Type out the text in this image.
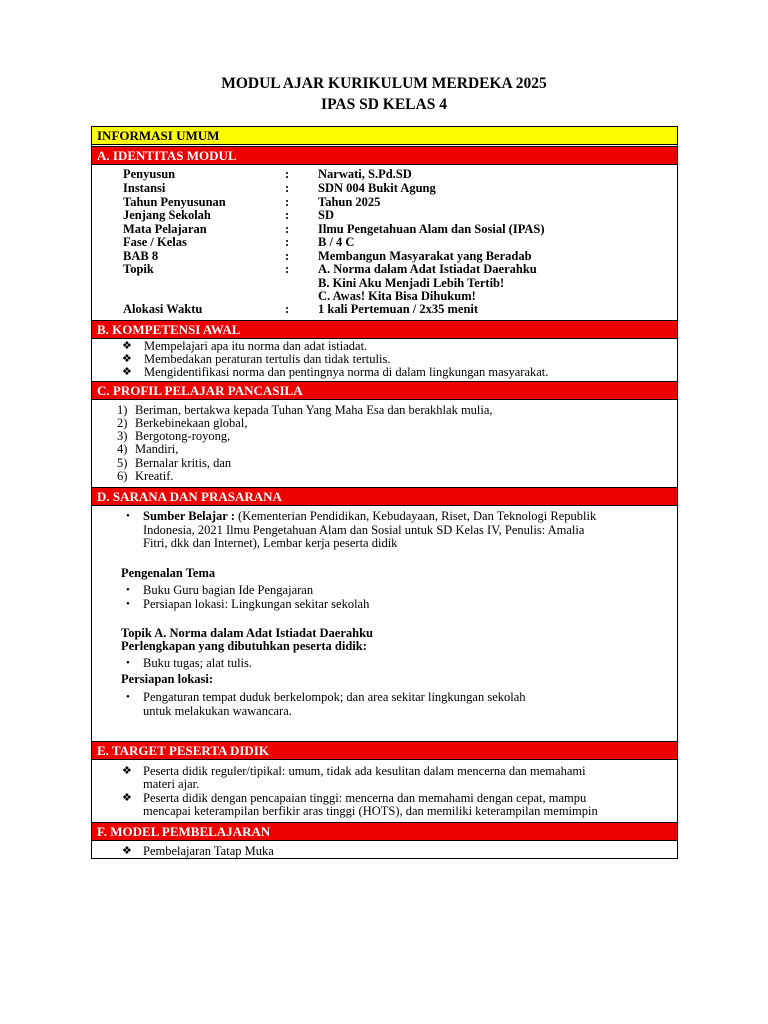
MODUL AJAR KURIKULUM MERDEKA 2025
IPAS SD KELAS 4
INFORMASI UMUM
A. IDENTITAS MODUL
B. KOMPETENSI AWAL
C. PROFIL PELAJAR PANCASILA
D. SARANA DAN PRASARANA
E. TARGET PESERTA DIDIK
F. MODEL PEMBELAJARAN
Penyusun	: Narwati, S.Pd.SD
Instansi	: SDN 004 Bukit Agung
Tahun Penyusunan	: Tahun 2025
Jenjang Sekolah	: SD
Mata Pelajaran	: Ilmu Pengetahuan Alam dan Sosial (IPAS)
Fase / Kelas	: B / 4 C
BAB 8	: Membangun Masyarakat yang Beradab
Topik	: A. Norma dalam Adat Istiadat Daerahku
B. Kini Aku Menjadi Lebih Tertib!
C. Awas! Kita Bisa Dihukum!
Alokasi Waktu	: 1 kali Pertemuan / 2x35 menit
❖ Mempelajari apa itu norma dan adat istiadat.
❖ Membedakan peraturan tertulis dan tidak tertulis.
❖ Mengidentifikasi norma dan pentingnya norma di dalam lingkungan masyarakat.
1) Beriman, bertakwa kepada Tuhan Yang Maha Esa dan berakhlak mulia,
2) Berkebinekaan global,
3) Bergotong-royong,
4) Mandiri,
5) Bernalar kritis, dan
6) Kreatif.
• Sumber Belajar : (Kementerian Pendidikan, Kebudayaan, Riset, Dan Teknologi Republik
Indonesia, 2021 Ilmu Pengetahuan Alam dan Sosial untuk SD Kelas IV, Penulis: Amalia
Fitri, dkk dan Internet), Lembar kerja peserta didik
Pengenalan Tema
• Buku Guru bagian Ide Pengajaran
• Persiapan lokasi: Lingkungan sekitar sekolah
Topik A. Norma dalam Adat Istiadat Daerahku
Perlengkapan yang dibutuhkan peserta didik:
• Buku tugas; alat tulis.
Persiapan lokasi:
• Pengaturan tempat duduk berkelompok; dan area sekitar lingkungan sekolah
untuk melakukan wawancara.
❖ Peserta didik reguler/tipikal: umum, tidak ada kesulitan dalam mencerna dan memahami
materi ajar.
❖ Peserta didik dengan pencapaian tinggi: mencerna dan memahami dengan cepat, mampu
mencapai keterampilan berfikir aras tinggi (HOTS), dan memiliki keterampilan memimpin
❖ Pembelajaran Tatap Muka
